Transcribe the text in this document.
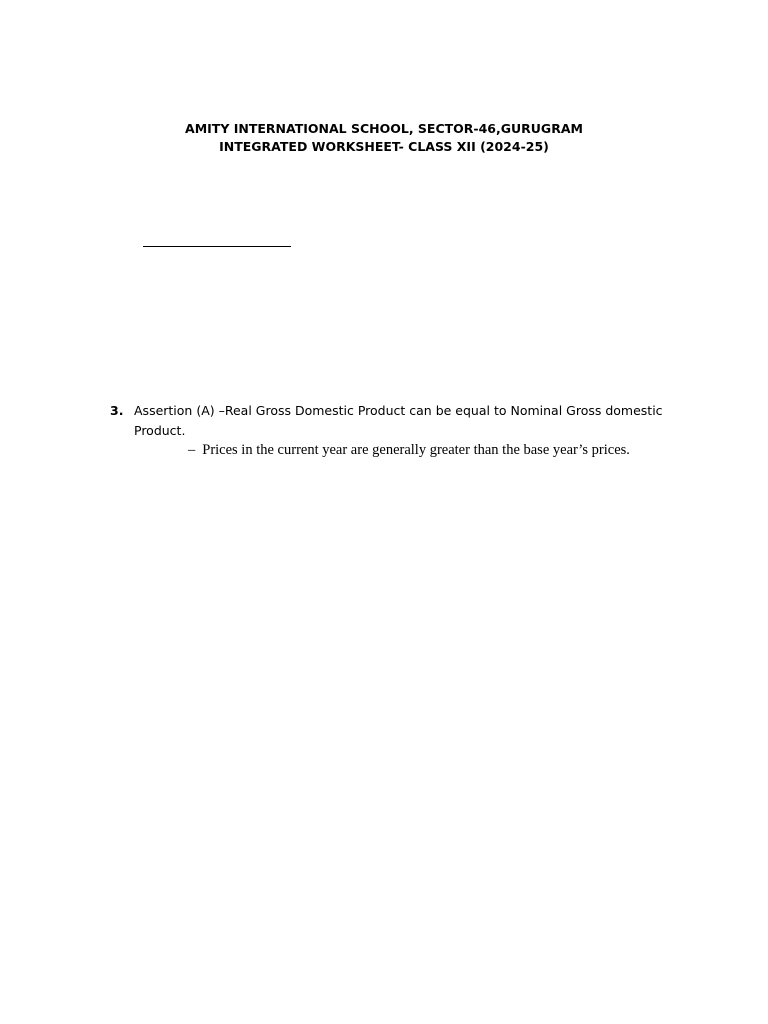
AMITY INTERNATIONAL SCHOOL, SECTOR-46,GURUGRAM
INTEGRATED WORKSHEET- CLASS XII (2024-25)
3. Assertion (A) –Real Gross Domestic Product can be equal to Nominal Gross domestic Product.
– Prices in the current year are generally greater than the base year’s prices.
